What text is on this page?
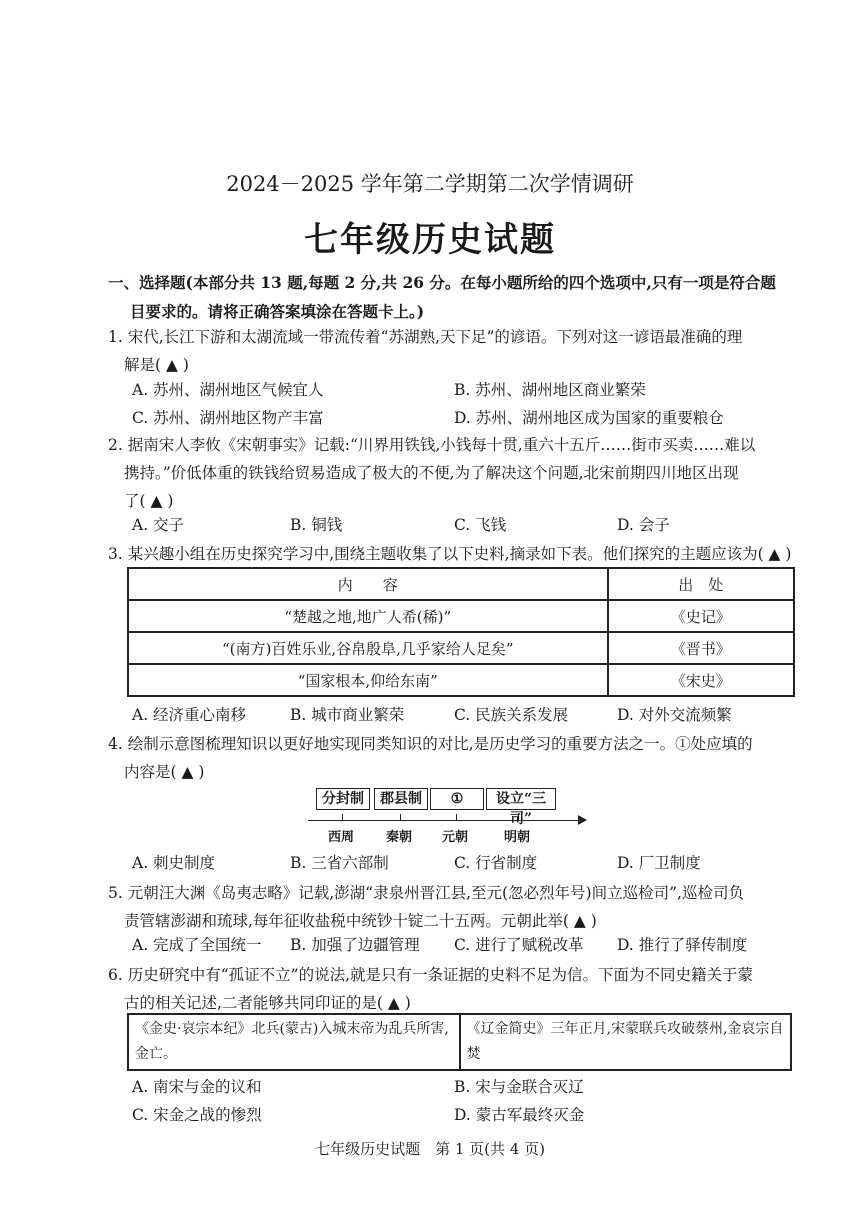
2024－2025 学年第二学期第二次学情调研
七年级历史试题
一、选择题(本部分共 13 题,每题 2 分,共 26 分。在每小题所给的四个选项中,只有一项是符合题
目要求的。请将正确答案填涂在答题卡上。)
1. 宋代,长江下游和太湖流域一带流传着“苏湖熟,天下足”的谚语。下列对这一谚语最准确的理
解是( ▲ )
A. 苏州、湖州地区气候宜人	B. 苏州、湖州地区商业繁荣
C. 苏州、湖州地区物产丰富	D. 苏州、湖州地区成为国家的重要粮仓
2. 据南宋人李攸《宋朝事实》记载:“川界用铁钱,小钱每十贯,重六十五斤……街市买卖……难以
携持。”价低体重的铁钱给贸易造成了极大的不便,为了解决这个问题,北宋前期四川地区出现
了( ▲ )
A. 交子	B. 铜钱	C. 飞钱	D. 会子
3. 某兴趣小组在历史探究学习中,围绕主题收集了以下史料,摘录如下表。他们探究的主题应该为( ▲ )
内　　容	出　处
“楚越之地,地广人希(稀)”	《史记》
“(南方)百姓乐业,谷帛殷阜,几乎家给人足矣”	《晋书》
“国家根本,仰给东南”	《宋史》
A. 经济重心南移	B. 城市商业繁荣	C. 民族关系发展	D. 对外交流频繁
4. 绘制示意图梳理知识以更好地实现同类知识的对比,是历史学习的重要方法之一。①处应填的
内容是( ▲ )
分封制	郡县制	①	设立“三司”
西周 秦朝 元朝	明朝
A. 刺史制度	B. 三省六部制	C. 行省制度	D. 厂卫制度
5. 元朝汪大渊《岛夷志略》记载,澎湖“隶泉州晋江县,至元(忽必烈年号)间立巡检司”,巡检司负
责管辖澎湖和琉球,每年征收盐税中统钞十锭二十五两。元朝此举( ▲ )
A. 完成了全国统一 B. 加强了边疆管理 C. 进行了赋税改革 D. 推行了驿传制度
6. 历史研究中有“孤证不立”的说法,就是只有一条证据的史料不足为信。下面为不同史籍关于蒙
古的相关记述,二者能够共同印证的是( ▲ )
《金史·哀宗本纪》北兵(蒙古)入城末帝为乱兵所害,金亡。	《辽金简史》三年正月,宋蒙联兵攻破蔡州,金哀宗自焚
A. 南宋与金的议和	B. 宋与金联合灭辽
C. 宋金之战的惨烈	D. 蒙古军最终灭金
七年级历史试题　第 1 页(共 4 页)
